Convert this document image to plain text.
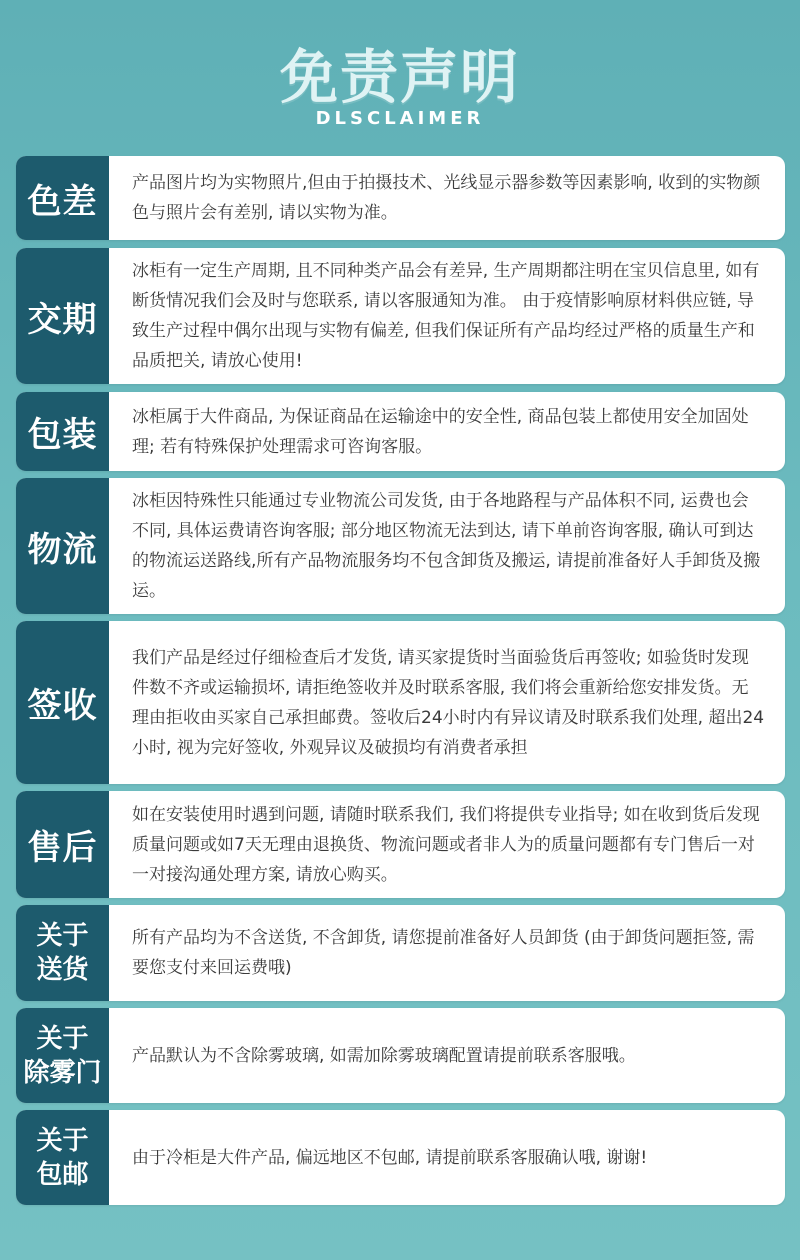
免责声明
DLSCLAIMER
色差	产品图片均为实物照片,但由于拍摄技术、光线显示器参数等因素影响, 收到的实物颜色与照片会有差别, 请以实物为准。
交期
冰柜有一定生产周期, 且不同种类产品会有差异, 生产周期都注明在宝贝信息里, 如有断货情况我们会及时与您联系, 请以客服通知为准。 由于疫情影响原材料供应链, 导致生产过程中偶尔出现与实物有偏差, 但我们保证所有产品均经过严格的质量生产和品质把关, 请放心使用!
包装	冰柜属于大件商品, 为保证商品在运输途中的安全性, 商品包装上都使用安全加固处理; 若有特殊保护处理需求可咨询客服。
物流
冰柜因特殊性只能通过专业物流公司发货, 由于各地路程与产品体积不同, 运费也会不同, 具体运费请咨询客服; 部分地区物流无法到达, 请下单前咨询客服, 确认可到达的物流运送路线,所有产品物流服务均不包含卸货及搬运, 请提前准备好人手卸货及搬运。
签收
我们产品是经过仔细检查后才发货, 请买家提货时当面验货后再签收; 如验货时发现件数不齐或运输损坏, 请拒绝签收并及时联系客服, 我们将会重新给您安排发货。无理由拒收由买家自己承担邮费。签收后24小时内有异议请及时联系我们处理, 超出24小时, 视为完好签收, 外观异议及破损均有消费者承担
售后
如在安装使用时遇到问题, 请随时联系我们, 我们将提供专业指导; 如在收到货后发现质量问题或如7天无理由退换货、物流问题或者非人为的质量问题都有专门售后一对一对接沟通处理方案, 请放心购买。
关于
送货
所有产品均为不含送货, 不含卸货, 请您提前准备好人员卸货 (由于卸货问题拒签, 需要您支付来回运费哦)
关于
除雾门
产品默认为不含除雾玻璃, 如需加除雾玻璃配置请提前联系客服哦。
关于
包邮
由于冷柜是大件产品, 偏远地区不包邮, 请提前联系客服确认哦, 谢谢!
